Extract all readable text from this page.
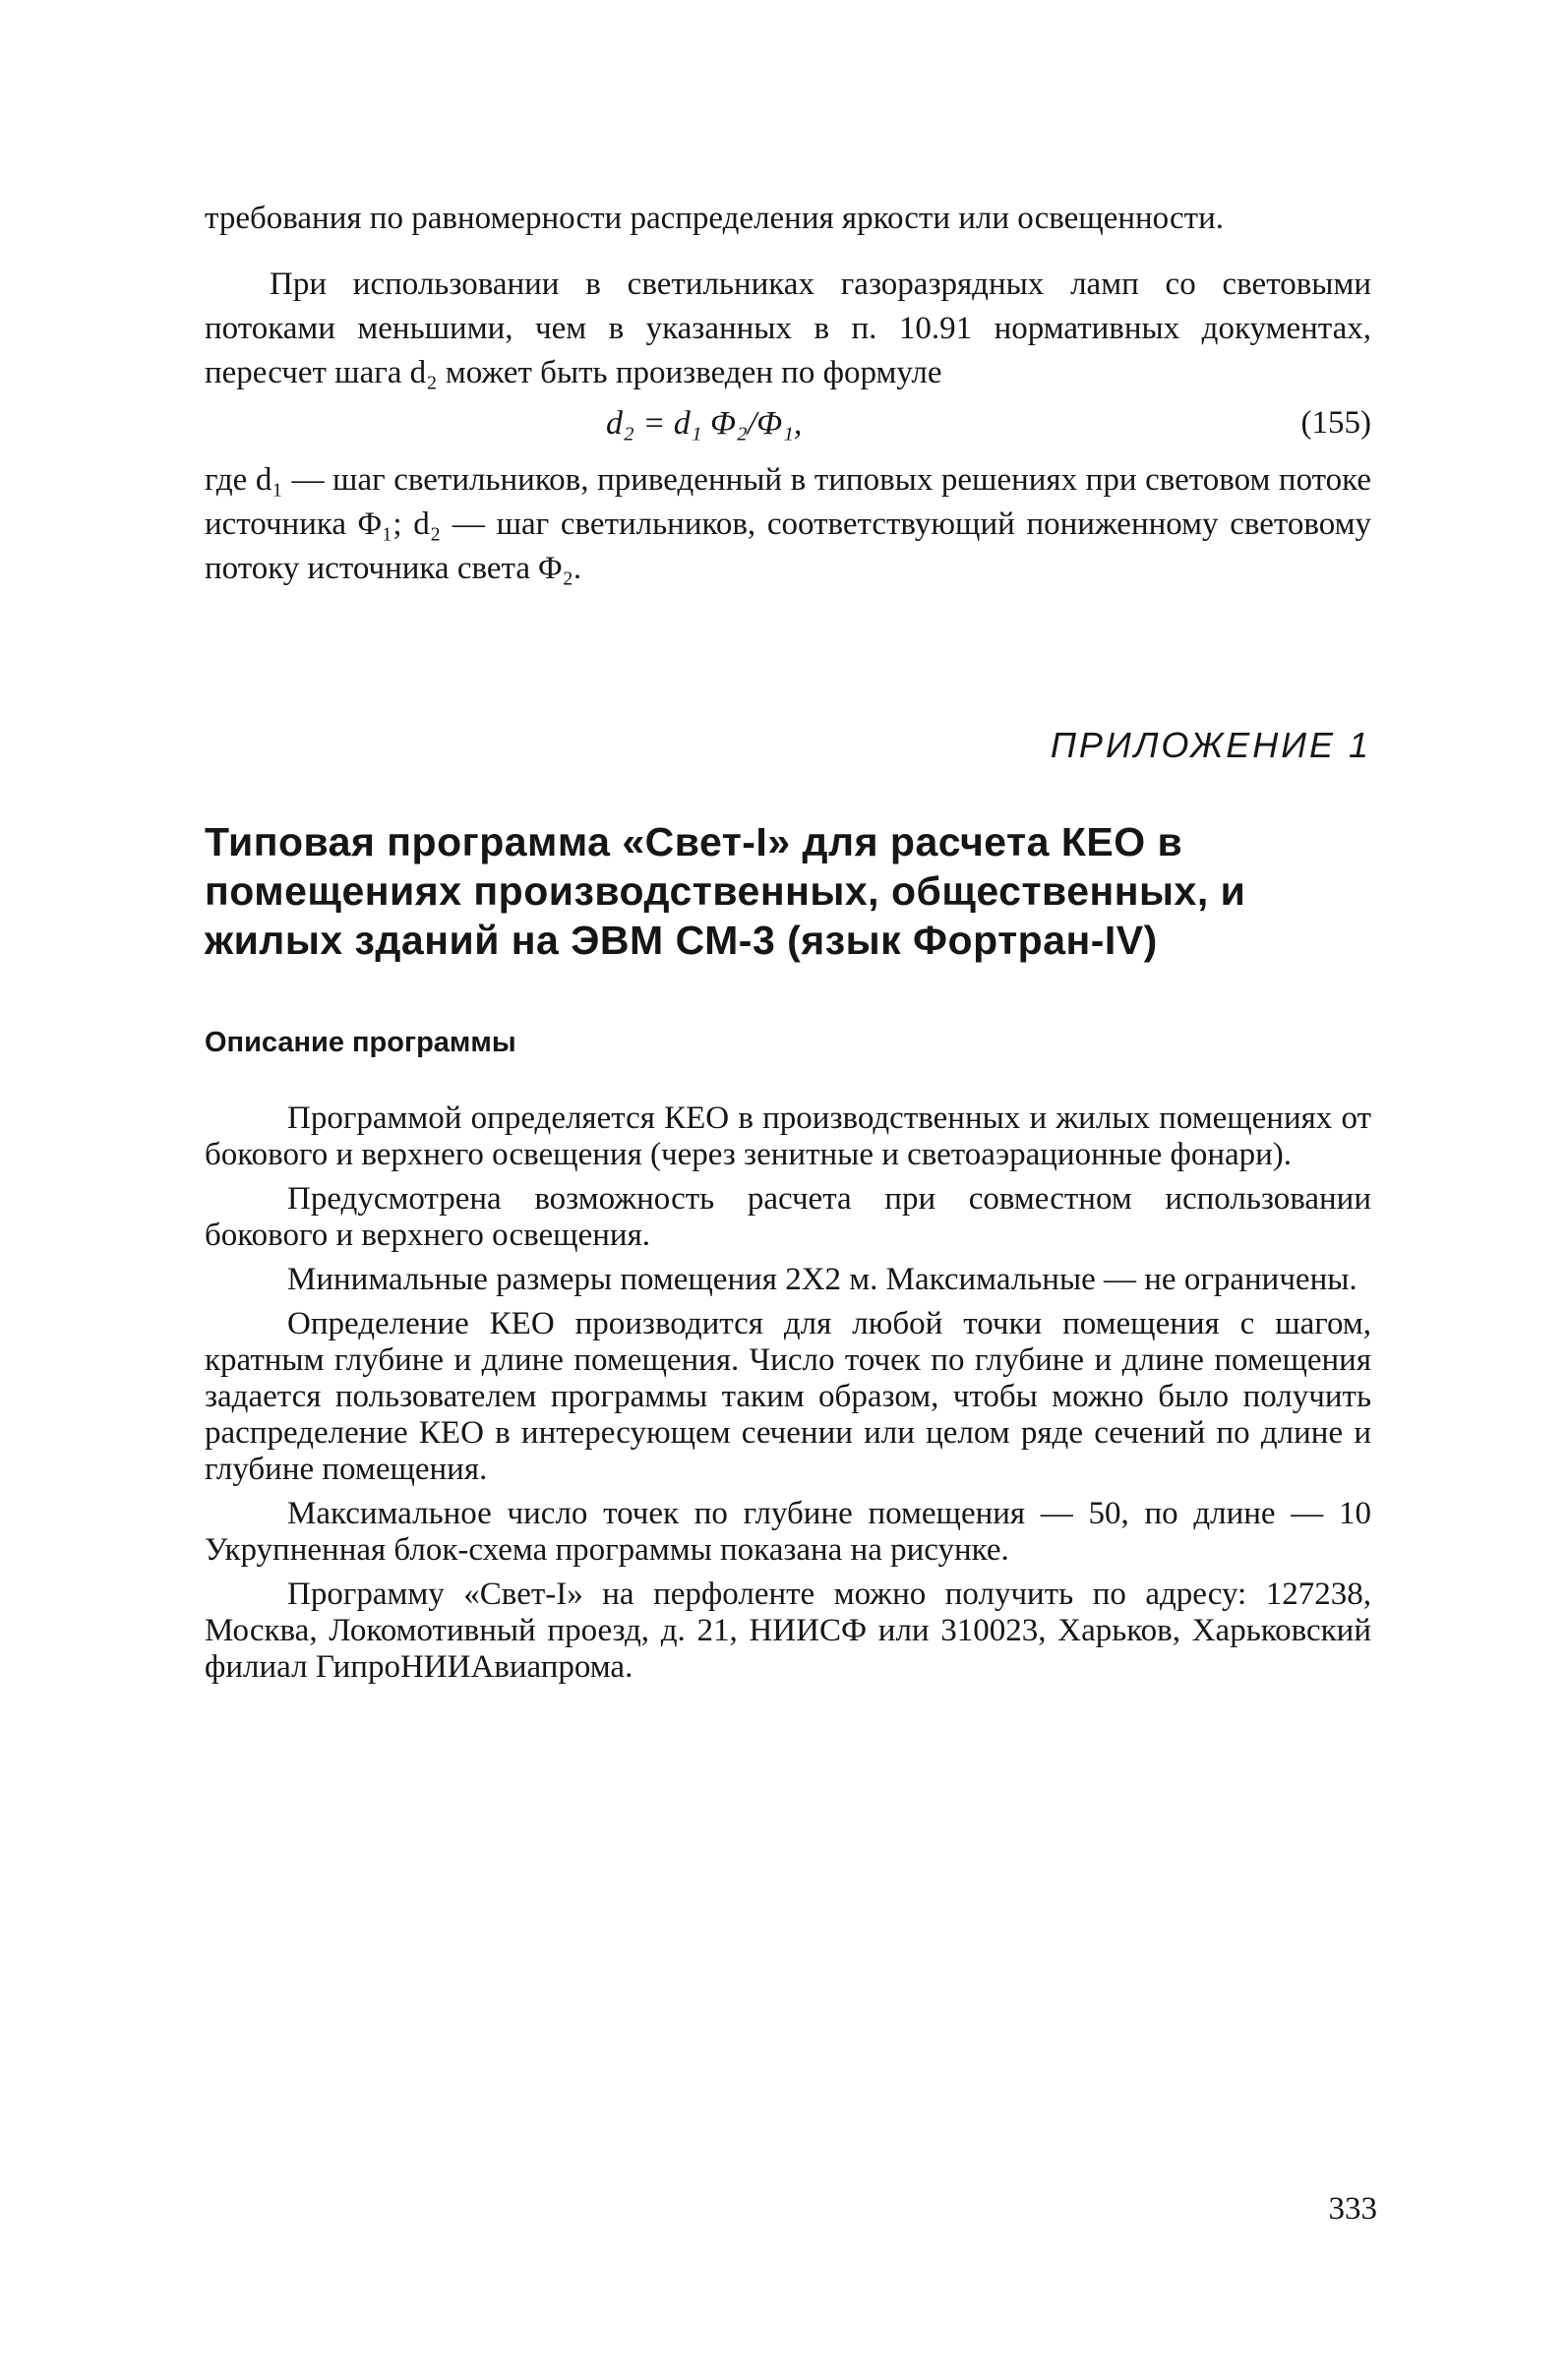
требования по равномерности распределения яркости или освещенности.

При использовании в светильниках газоразрядных ламп со световыми потоками меньшими, чем в указанных в п. 10.91 нормативных документах, пересчет шага d₂ может быть произведен по формуле

d₂ = d₁ Φ₂/Φ₁,	(155)

где d₁ — шаг светильников, приведенный в типовых решениях при световом потоке источника Φ₁; d₂ — шаг светильников, соответствующий пониженному световому потоку источника света Φ₂.

ПРИЛОЖЕНИЕ 1
Типовая программа «Свет-I» для расчета КЕО в помещениях производственных, общественных, и жилых зданий на ЭВМ СМ-3 (язык Фортран-IV)
Описание программы

Программой определяется КЕО в производственных и жилых помещениях от бокового и верхнего освещения (через зенитные и светоаэрационные фонари).

Предусмотрена возможность расчета при совместном использовании бокового и верхнего освещения.

Минимальные размеры помещения 2X2 м. Максимальные — не ограничены.

Определение КЕО производится для любой точки помещения с шагом, кратным глубине и длине помещения. Число точек по глубине и длине помещения задается пользователем программы таким образом, чтобы можно было получить распределение КЕО в интересующем сечении или целом ряде сечений по длине и глубине помещения.

Максимальное число точек по глубине помещения — 50, по длине — 10 Укрупненная блок-схема программы показана на рисунке.

Программу «Свет-I» на перфоленте можно получить по адресу: 127238, Москва, Локомотивный проезд, д. 21, НИИСФ или 310023, Харьков, Харьковский филиал ГипроНИИАвиапрома.

333
